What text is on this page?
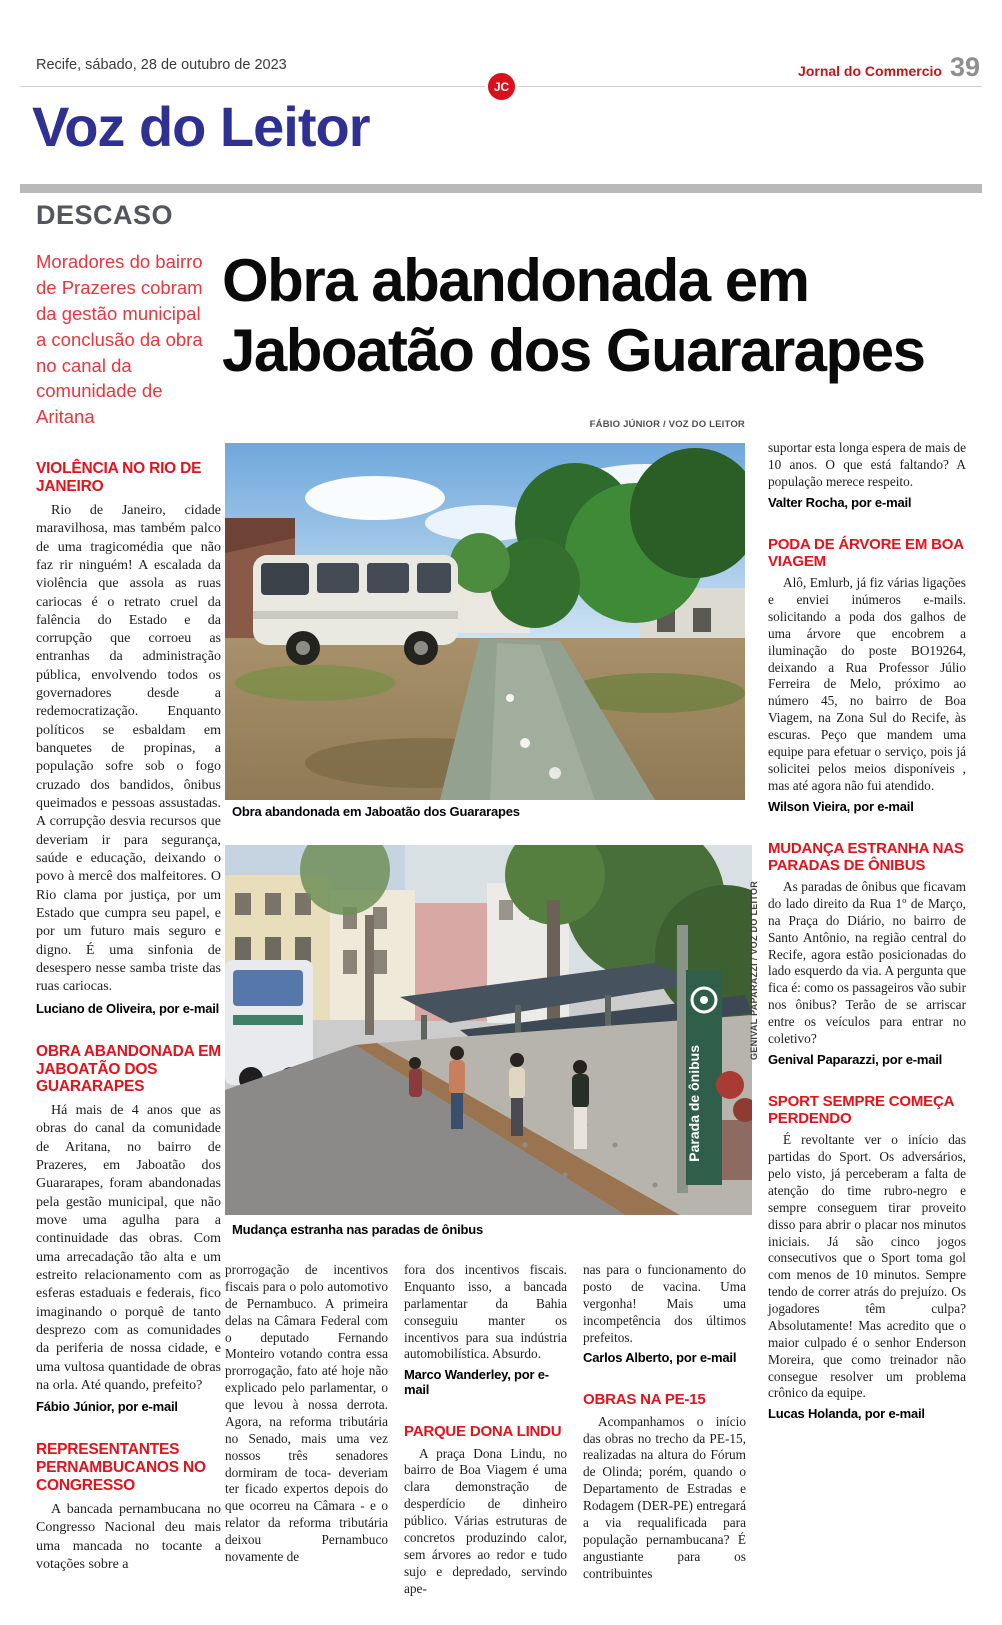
Recife, sábado, 28 de outubro de 2023
JC
Jornal do Commercio 39
Voz do Leitor
DESCASO
Moradores do bairro de Prazeres cobram da gestão municipal a conclusão da obra no canal da comunidade de Aritana
VIOLÊNCIA NO RIO DE JANEIRO

Rio de Janeiro, cidade maravilhosa, mas também palco de uma tragicomédia que não faz rir ninguém! A escalada da violência que assola as ruas cariocas é o retrato cruel da falência do Estado e da corrupção que corroeu as entranhas da administração pública, envolvendo todos os governadores desde a redemocratização. Enquanto políticos se esbaldam em banquetes de propinas, a população sofre sob o fogo cruzado dos bandidos, ônibus queimados e pessoas assustadas. A corrupção desvia recursos que deveriam ir para segurança, saúde e educação, deixando o povo à mercê dos malfeitores. O Rio clama por justiça, por um Estado que cumpra seu papel, e por um futuro mais seguro e digno. É uma sinfonia de desespero nesse samba triste das ruas cariocas.

Luciano de Oliveira, por e-mail
OBRA ABANDONADA EM JABOATÃO DOS GUARARAPES

Há mais de 4 anos que as obras do canal da comunidade de Aritana, no bairro de Prazeres, em Jaboatão dos Guararapes, foram abandonadas pela gestão municipal, que não move uma agulha para a continuidade das obras. Com uma arrecadação tão alta e um estreito relacionamento com as esferas estaduais e federais, fico imaginando o porquê de tanto desprezo com as comunidades da periferia de nossa cidade, e uma vultosa quantidade de obras na orla. Até quando, prefeito?

Fábio Júnior, por e-mail
REPRESENTANTES PERNAMBUCANOS NO CONGRESSO

A bancada pernambucana no Congresso Nacional deu mais uma mancada no tocante a votações sobre a

Obra abandonada em Jaboatão dos Guararapes
FÁBIO JÚNIOR / VOZ DO LEITOR
Obra abandonada em Jaboatão dos Guararapes
Parada de ônibus
GENIVAL PAPARAZZI / VOZ DO LEITOR
Mudança estranha nas paradas de ônibus

prorrogação de incentivos fiscais para o polo automotivo de Pernambuco. A primeira delas na Câmara Federal com o deputado Fernando Monteiro votando contra essa prorrogação, fato até hoje não explicado pelo parlamentar, o que levou à nossa derrota. Agora, na reforma tributária no Senado, mais uma vez nossos três senadores dormiram de toca- deveriam ter ficado expertos depois do que ocorreu na Câmara - e o relator da reforma tributária deixou Pernambuco novamente de

fora dos incentivos fiscais. Enquanto isso, a bancada parlamentar da Bahia conseguiu manter os incentivos para sua indústria automobilística. Absurdo.

Marco Wanderley, por e-mail
PARQUE DONA LINDU

A praça Dona Lindu, no bairro de Boa Viagem é uma clara demonstração de desperdício de dinheiro público. Várias estruturas de concretos produzindo calor, sem árvores ao redor e tudo sujo e depredado, servindo ape-

nas para o funcionamento do posto de vacina. Uma vergonha! Mais uma incompetência dos últimos prefeitos.

Carlos Alberto, por e-mail
OBRAS NA PE-15

Acompanhamos o início das obras no trecho da PE-15, realizadas na altura do Fórum de Olinda; porém, quando o Departamento de Estradas e Rodagem (DER-PE) entregará a via requalificada para população pernambucana? É angustiante para os contribuintes

suportar esta longa espera de mais de 10 anos. O que está faltando? A população merece respeito.

Valter Rocha, por e-mail
PODA DE ÁRVORE EM BOA VIAGEM

Alô, Emlurb, já fiz várias ligações e enviei inúmeros e-mails. solicitando a poda dos galhos de uma árvore que encobrem a iluminação do poste BO19264, deixando a Rua Professor Júlio Ferreira de Melo, próximo ao número 45, no bairro de Boa Viagem, na Zona Sul do Recife, às escuras. Peço que mandem uma equipe para efetuar o serviço, pois já solicitei pelos meios disponíveis , mas até agora não fui atendido.

Wilson Vieira, por e-mail
MUDANÇA ESTRANHA NAS PARADAS DE ÔNIBUS

As paradas de ônibus que ficavam do lado direito da Rua 1º de Março, na Praça do Diário, no bairro de Santo Antônio, na região central do Recife, agora estão posicionadas do lado esquerdo da via. A pergunta que fica é: como os passageiros vão subir nos ônibus? Terão de se arriscar entre os veículos para entrar no coletivo?

Genival Paparazzi, por e-mail
SPORT SEMPRE COMEÇA PERDENDO

É revoltante ver o início das partidas do Sport. Os adversários, pelo visto, já perceberam a falta de atenção do time rubro-negro e sempre conseguem tirar proveito disso para abrir o placar nos minutos iniciais. Já são cinco jogos consecutivos que o Sport toma gol com menos de 10 minutos. Sempre tendo de correr atrás do prejuízo. Os jogadores têm culpa? Absolutamente! Mas acredito que o maior culpado é o senhor Enderson Moreira, que como treinador não consegue resolver um problema crônico da equipe.

Lucas Holanda, por e-mail
